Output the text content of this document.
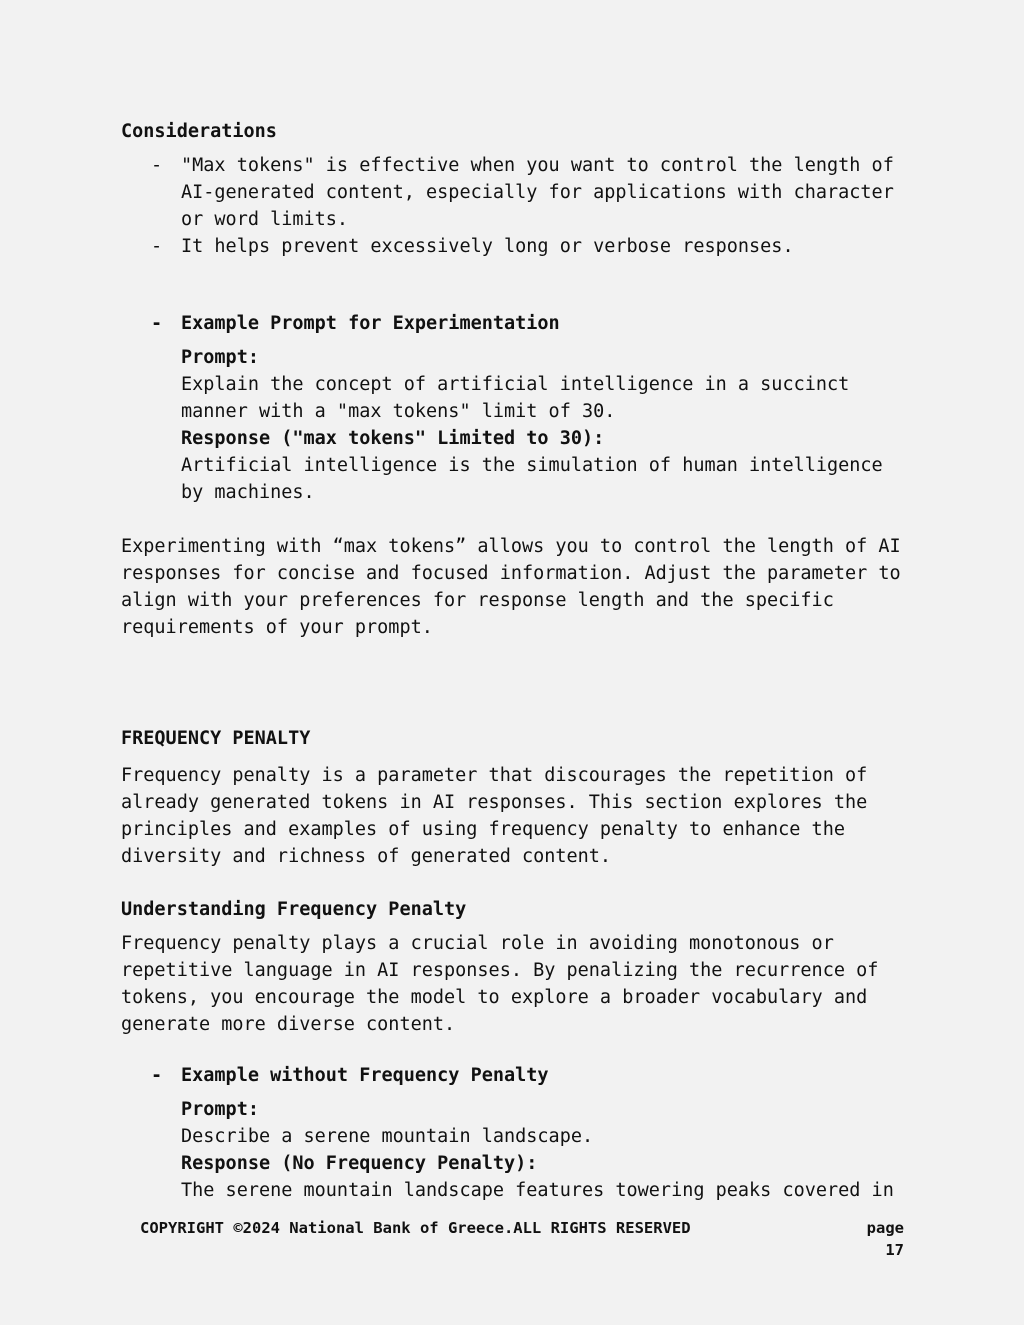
Considerations

- "Max tokens" is effective when you want to control the length of
AI-generated content, especially for applications with character
or word limits.
- It helps prevent excessively long or verbose responses.
- Example Prompt for Experimentation
Prompt:
Explain the concept of artificial intelligence in a succinct
manner with a "max tokens" limit of 30.
Response ("max tokens" Limited to 30):
Artificial intelligence is the simulation of human intelligence
by machines.
Experimenting with “max tokens” allows you to control the length of AI
responses for concise and focused information. Adjust the parameter to
align with your preferences for response length and the specific
requirements of your prompt.

FREQUENCY PENALTY

Frequency penalty is a parameter that discourages the repetition of
already generated tokens in AI responses. This section explores the
principles and examples of using frequency penalty to enhance the
diversity and richness of generated content.

Understanding Frequency Penalty

Frequency penalty plays a crucial role in avoiding monotonous or
repetitive language in AI responses. By penalizing the recurrence of
tokens, you encourage the model to explore a broader vocabulary and
generate more diverse content.
- Example without Frequency Penalty
Prompt:
Describe a serene mountain landscape.
Response (No Frequency Penalty):
The serene mountain landscape features towering peaks covered in
COPYRIGHT ©2024 National Bank of Greece.ALL RIGHTS RESERVED	page
17
